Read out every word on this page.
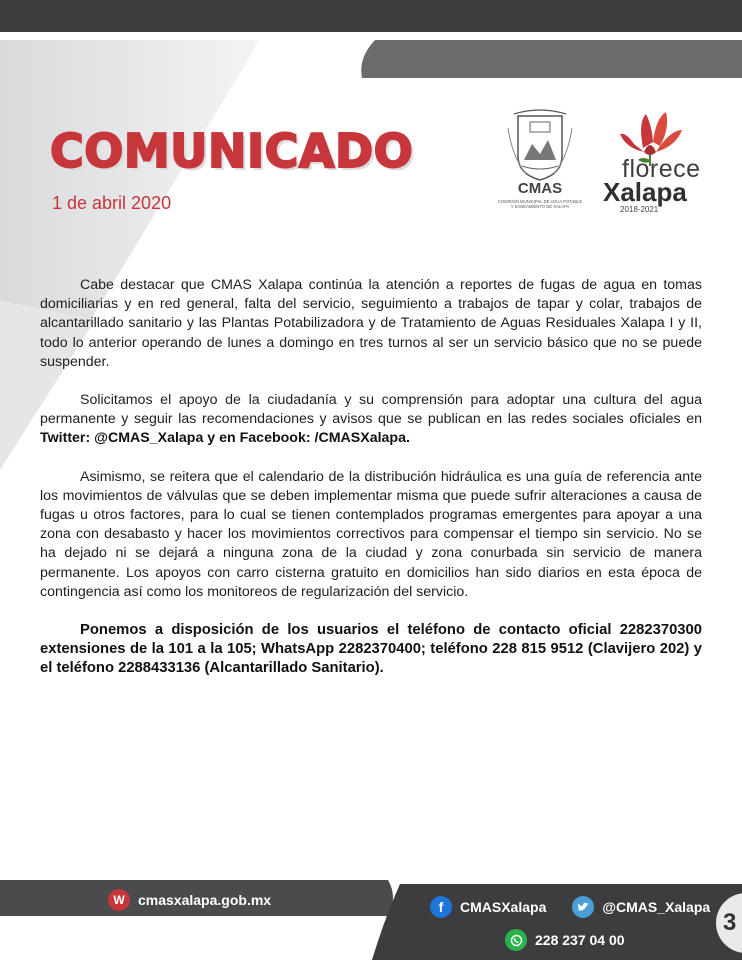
COMUNICADO
1 de abril 2020
CMAS
COMISIÓN MUNICIPAL DE AGUA POTABLE Y SANEAMIENTO DE XALAPA
florece
Xalapa
2018-2021

Cabe destacar que CMAS Xalapa continúa la atención a reportes de fugas de agua en tomas domiciliarias y en red general, falta del servicio, seguimiento a trabajos de tapar y colar, trabajos de alcantarillado sanitario y las Plantas Potabilizadora y de Tratamiento de Aguas Residuales Xalapa I y II, todo lo anterior operando de lunes a domingo en tres turnos al ser un servicio básico que no se puede suspender.

Solicitamos el apoyo de la ciudadanía y su comprensión para adoptar una cultura del agua permanente y seguir las recomendaciones y avisos que se publican en las redes sociales oficiales en Twitter: @CMAS_Xalapa y en Facebook: /CMASXalapa.

Asimismo, se reitera que el calendario de la distribución hidráulica es una guía de referencia ante los movimientos de válvulas que se deben implementar misma que puede sufrir alteraciones a causa de fugas u otros factores, para lo cual se tienen contemplados programas emergentes para apoyar a una zona con desabasto y hacer los movimientos correctivos para compensar el tiempo sin servicio. No se ha dejado ni se dejará a ninguna zona de la ciudad y zona conurbada sin servicio de manera permanente. Los apoyos con carro cisterna gratuito en domicilios han sido diarios en esta época de contingencia así como los monitoreos de regularización del servicio.

Ponemos a disposición de los usuarios el teléfono de contacto oficial 2282370300 extensiones de la 101 a la 105; WhatsApp 2282370400; teléfono 228 815 9512 (Clavijero 202) y el teléfono 2288433136 (Alcantarillado Sanitario).

W cmasxalapa.gob.mx	f	CMASXalapa	@CMAS_Xalapa
228 237 04 00
3
